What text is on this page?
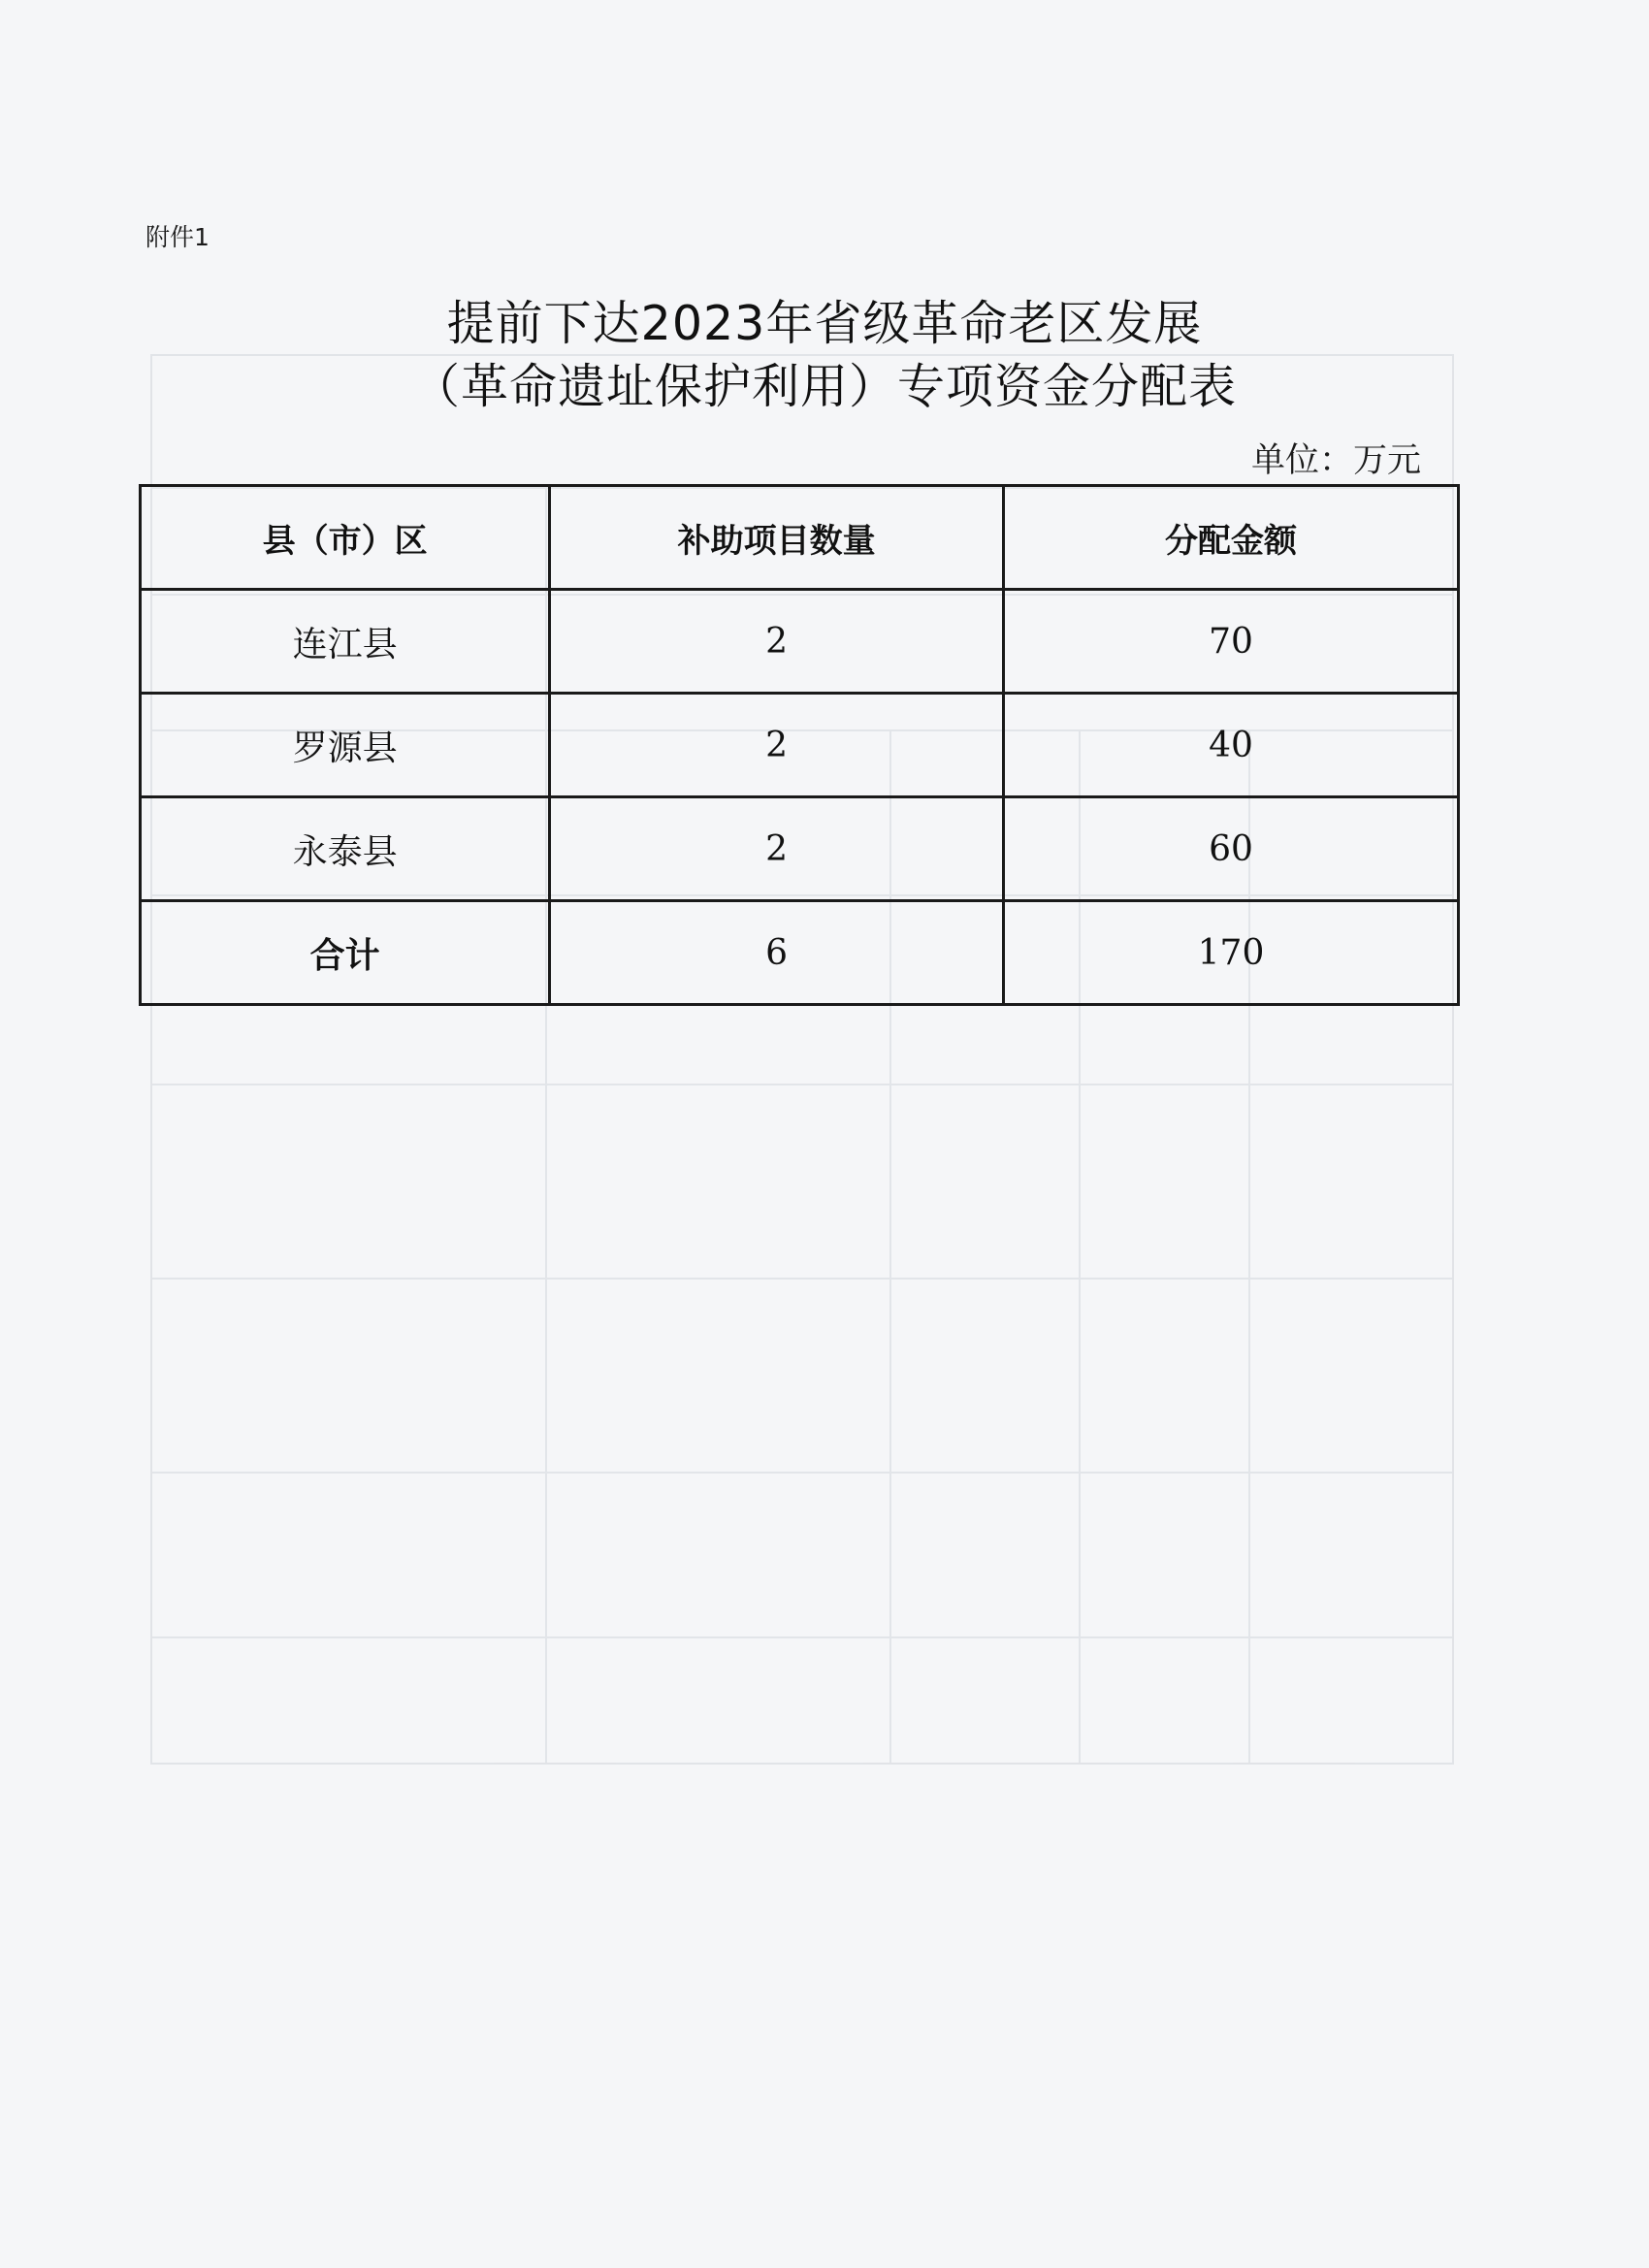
附件1
提前下达2023年省级革命老区发展
（革命遗址保护利用）专项资金分配表
单位：万元
县（市）区	补助项目数量	分配金额
连江县	2	70
罗源县	2	40
永泰县	2	60
合计	6	170
